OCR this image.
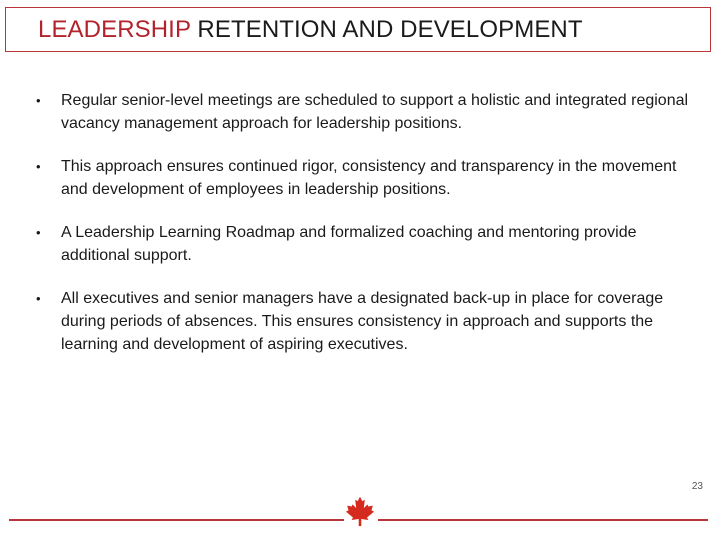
LEADERSHIP RETENTION AND DEVELOPMENT
• Regular senior-level meetings are scheduled to support a holistic and integrated regional vacancy management approach for leadership positions.
• This approach ensures continued rigor, consistency and transparency in the movement and development of employees in leadership positions.
• A Leadership Learning Roadmap and formalized coaching and mentoring provide additional support.
• All executives and senior managers have a designated back-up in place for coverage during periods of absences. This ensures consistency in approach and supports the learning and development of aspiring executives.
23
